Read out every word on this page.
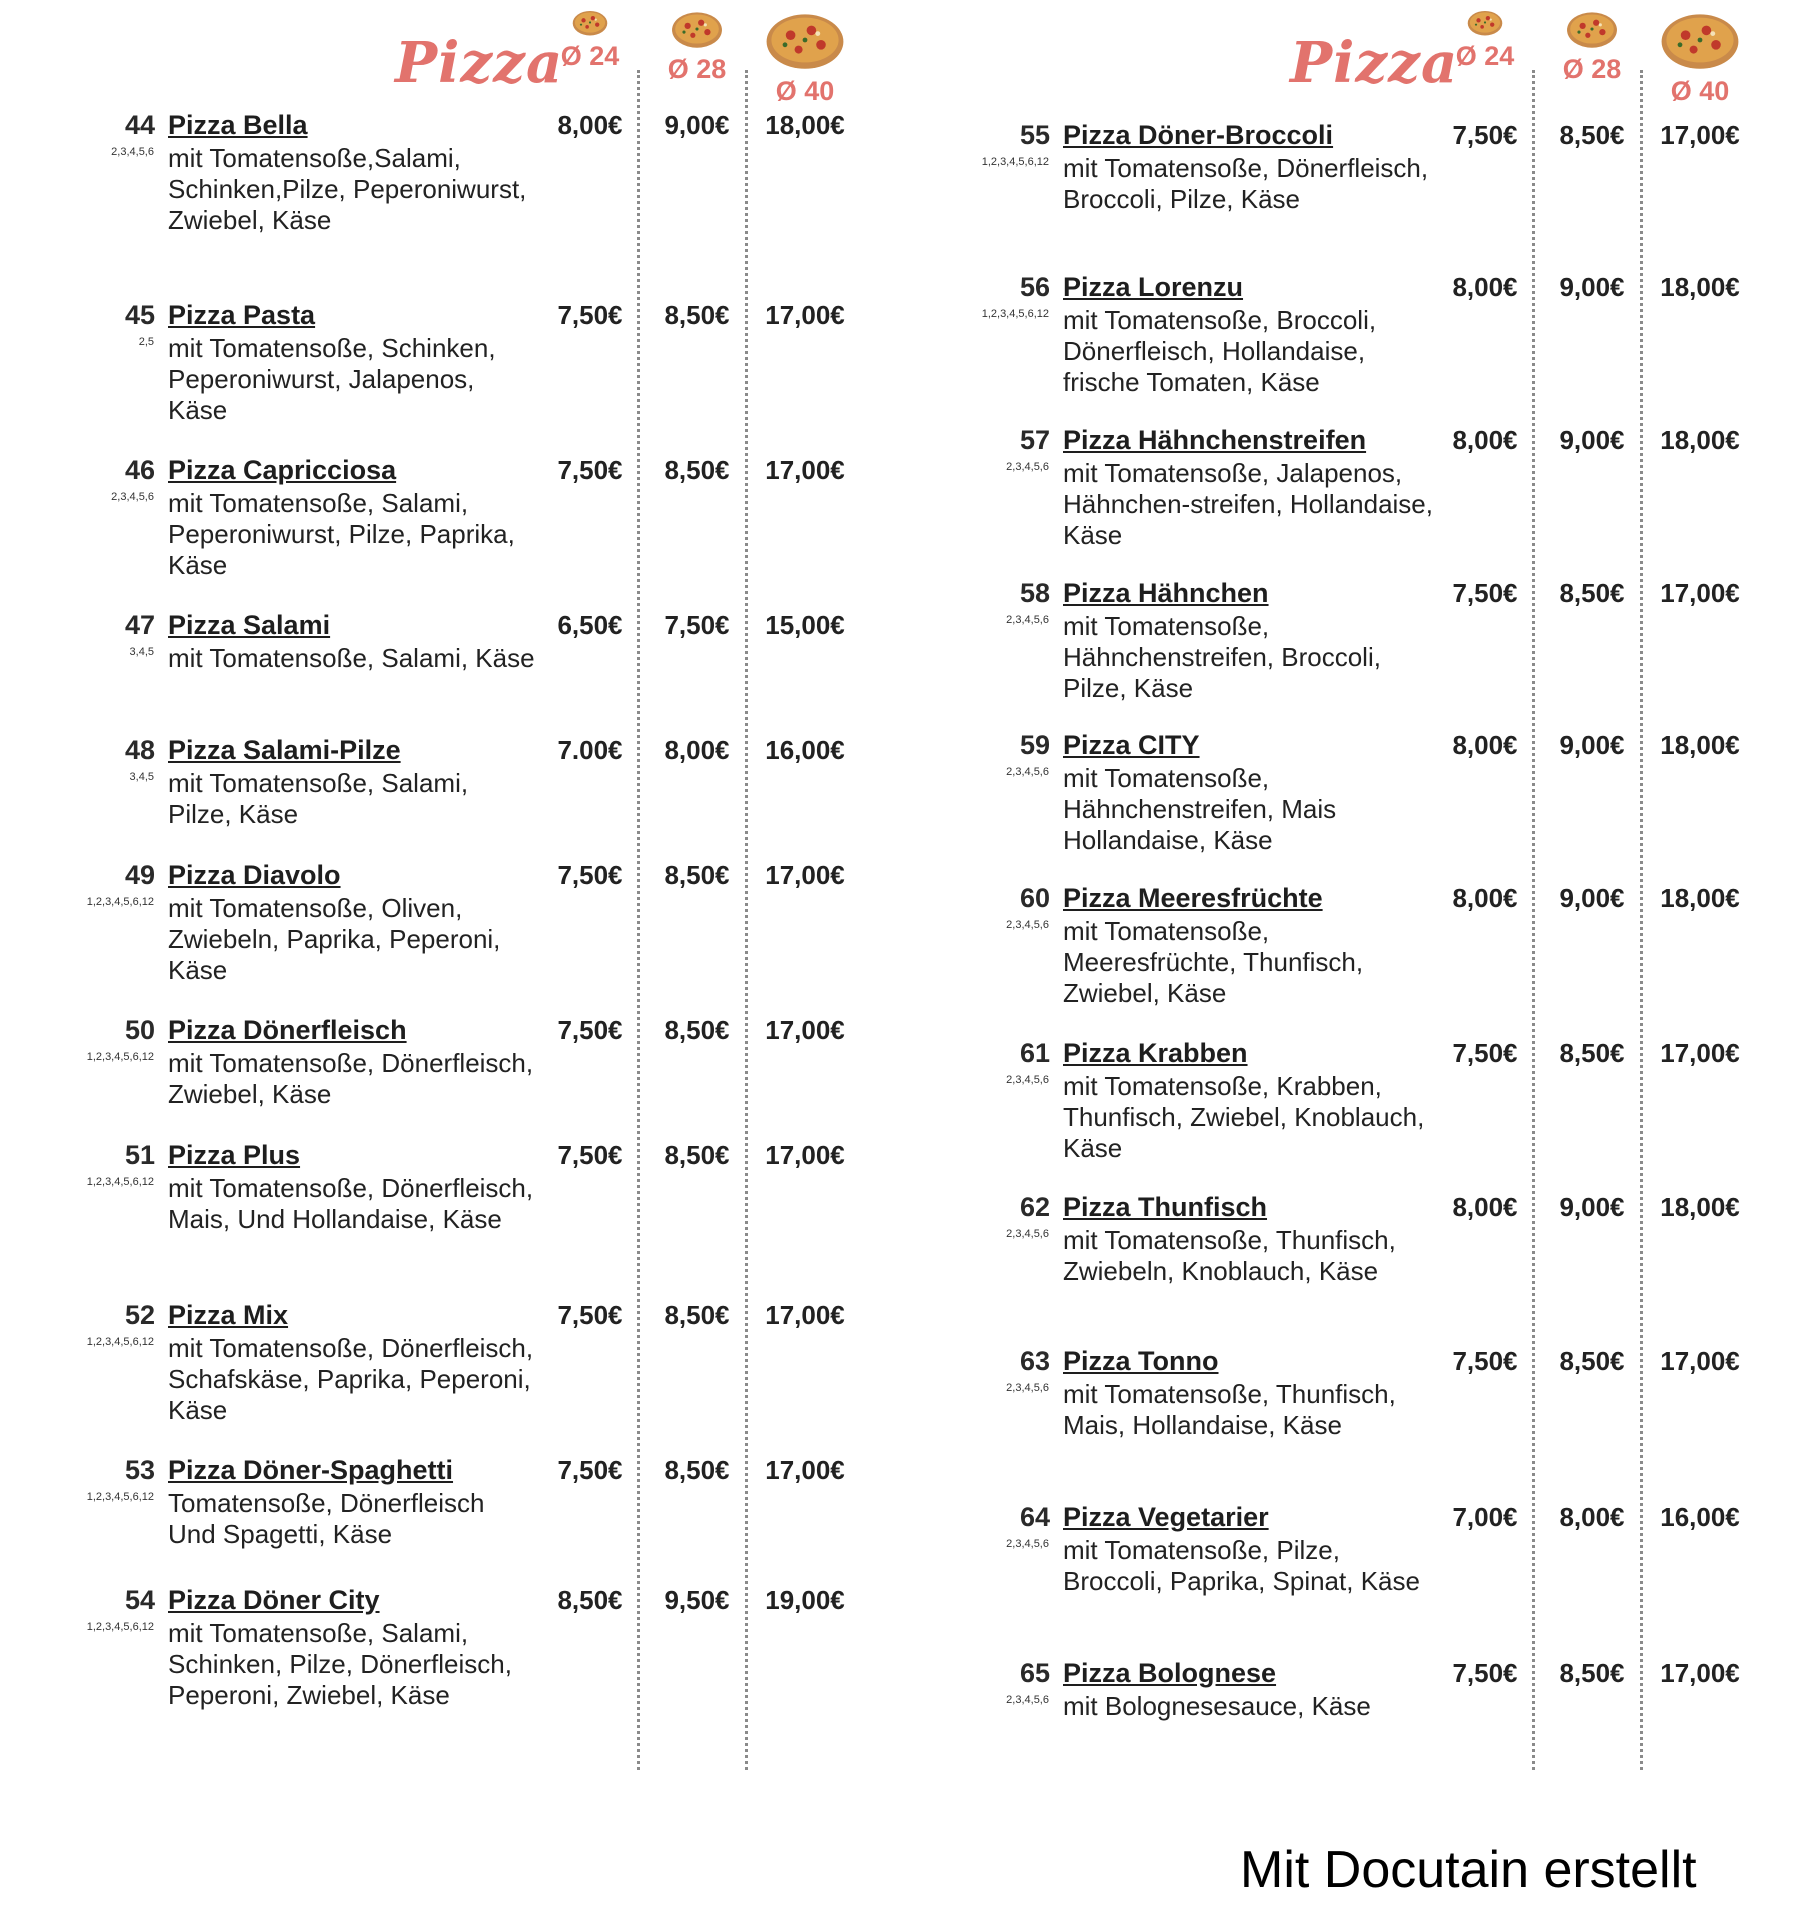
Pizza
Ø 24	Ø 28
Ø 40
44
2,3,4,5,6
Pizza Bella
mit Tomatensoße,Salami, Schinken,Pilze, Peperoniwurst, Zwiebel, Käse
8,00€	9,00€	18,00€
45
2,5
Pizza Pasta
mit Tomatensoße, Schinken, Peperoniwurst, Jalapenos, Käse
7,50€	8,50€	17,00€
46
2,3,4,5,6
Pizza Capricciosa
mit Tomatensoße, Salami, Peperoniwurst, Pilze, Paprika, Käse
7,50€	8,50€	17,00€
47
3,4,5
Pizza Salami
mit Tomatensoße, Salami, Käse
6,50€	7,50€	15,00€
48
3,4,5
Pizza Salami-Pilze
mit Tomatensoße, Salami, Pilze, Käse
7.00€	8,00€	16,00€
49
1,2,3,4,5,6,12
Pizza Diavolo
mit Tomatensoße, Oliven, Zwiebeln, Paprika, Peperoni, Käse
7,50€	8,50€	17,00€
50
1,2,3,4,5,6,12
Pizza Dönerfleisch
mit Tomatensoße, Dönerfleisch, Zwiebel, Käse
7,50€	8,50€	17,00€
51
1,2,3,4,5,6,12
Pizza Plus
mit Tomatensoße, Dönerfleisch, Mais, Und Hollandaise, Käse
7,50€	8,50€	17,00€
52
1,2,3,4,5,6,12
Pizza Mix
mit Tomatensoße, Dönerfleisch, Schafskäse, Paprika, Peperoni, Käse
7,50€	8,50€	17,00€
53
1,2,3,4,5,6,12
Pizza Döner-Spaghetti
Tomatensoße, Dönerfleisch Und Spagetti, Käse
7,50€	8,50€	17,00€
54
1,2,3,4,5,6,12
Pizza Döner City
mit Tomatensoße, Salami, Schinken, Pilze, Dönerfleisch, Peperoni, Zwiebel, Käse
8,50€	9,50€	19,00€
Pizza
Ø 24	Ø 28
Ø 40
55
1,2,3,4,5,6,12
Pizza Döner-Broccoli
mit Tomatensoße, Dönerfleisch, Broccoli, Pilze, Käse
7,50€	8,50€	17,00€
56
1,2,3,4,5,6,12
Pizza Lorenzu
mit Tomatensoße, Broccoli, Dönerfleisch, Hollandaise, frische Tomaten, Käse
8,00€	9,00€	18,00€
57
2,3,4,5,6
Pizza Hähnchenstreifen
mit Tomatensoße, Jalapenos, Hähnchen-streifen, Hollandaise, Käse
8,00€	9,00€	18,00€
58
2,3,4,5,6
Pizza Hähnchen
mit Tomatensoße, Hähnchenstreifen, Broccoli, Pilze, Käse
7,50€	8,50€	17,00€
59
2,3,4,5,6
Pizza CITY
mit Tomatensoße, Hähnchenstreifen, Mais Hollandaise, Käse
8,00€	9,00€	18,00€
60
2,3,4,5,6
Pizza Meeresfrüchte
mit Tomatensoße, Meeresfrüchte, Thunfisch, Zwiebel, Käse
8,00€	9,00€	18,00€
61
2,3,4,5,6
Pizza Krabben
mit Tomatensoße, Krabben, Thunfisch, Zwiebel, Knoblauch, Käse
7,50€	8,50€	17,00€
62
2,3,4,5,6
Pizza Thunfisch
mit Tomatensoße, Thunfisch, Zwiebeln, Knoblauch, Käse
8,00€	9,00€	18,00€
63
2,3,4,5,6
Pizza Tonno
mit Tomatensoße, Thunfisch, Mais, Hollandaise, Käse
7,50€	8,50€	17,00€
64
2,3,4,5,6
Pizza Vegetarier
mit Tomatensoße, Pilze, Broccoli, Paprika, Spinat, Käse
7,00€	8,00€	16,00€
65
2,3,4,5,6
Pizza Bolognese
mit Bolognesesauce, Käse
7,50€	8,50€	17,00€
Mit Docutain erstellt
